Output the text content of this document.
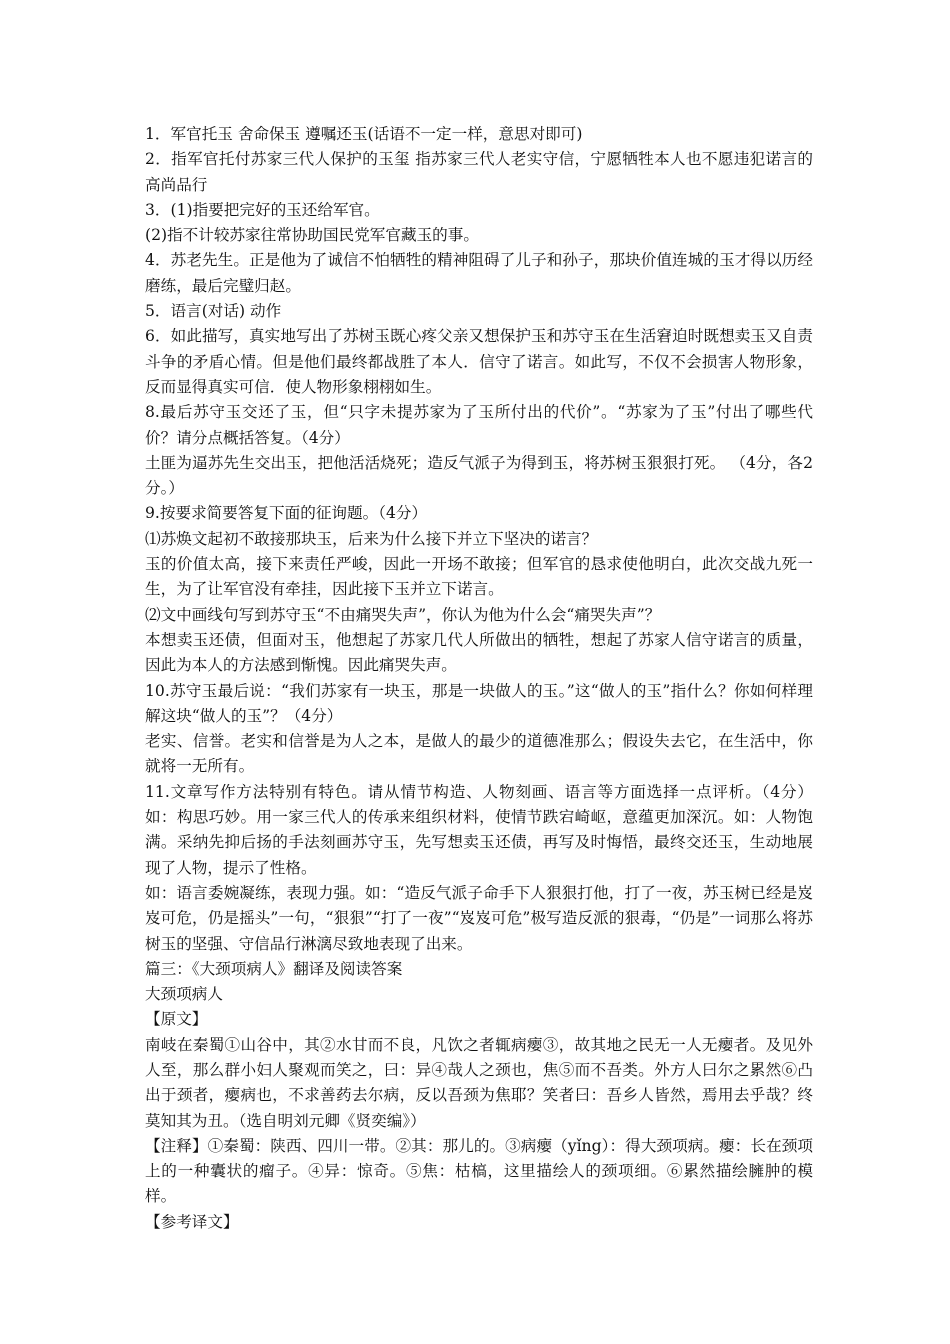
1．军官托玉 舍命保玉 遵嘱还玉(话语不一定一样，意思对即可)

2．指军官托付苏家三代人保护的玉玺 指苏家三代人老实守信，宁愿牺牲本人也不愿违犯诺言的高尚品行

3．(1)指要把完好的玉还给军官。

(2)指不计较苏家往常协助国民党军官藏玉的事。

4．苏老先生。正是他为了诚信不怕牺牲的精神阻碍了儿子和孙子，那块价值连城的玉才得以历经磨练，最后完璧归赵。

5．语言(对话) 动作

6．如此描写，真实地写出了苏树玉既心疼父亲又想保护玉和苏守玉在生活窘迫时既想卖玉又自责斗争的矛盾心情。但是他们最终都战胜了本人．信守了诺言。如此写，不仅不会损害人物形象，反而显得真实可信．使人物形象栩栩如生。

8.最后苏守玉交还了玉，但“只字未提苏家为了玉所付出的代价”。“苏家为了玉”付出了哪些代价？请分点概括答复。（4分）

土匪为逼苏先生交出玉，把他活活烧死；造反气派子为得到玉，将苏树玉狠狠打死。 （4分，各2分。）

9.按要求简要答复下面的征询题。（4分）

⑴苏焕文起初不敢接那块玉，后来为什么接下并立下坚决的诺言？

玉的价值太高，接下来责任严峻，因此一开场不敢接；但军官的恳求使他明白，此次交战九死一生，为了让军官没有牵挂，因此接下玉并立下诺言。

⑵文中画线句写到苏守玉“不由痛哭失声”，你认为他为什么会“痛哭失声”？

本想卖玉还债，但面对玉，他想起了苏家几代人所做出的牺牲，想起了苏家人信守诺言的质量，因此为本人的方法感到惭愧。因此痛哭失声。

10.苏守玉最后说：“我们苏家有一块玉，那是一块做人的玉。”这“做人的玉”指什么？你如何样理解这块“做人的玉”？（4分）

老实、信誉。老实和信誉是为人之本，是做人的最少的道德准那么；假设失去它，在生活中，你就将一无所有。

11.文章写作方法特别有特色。请从情节构造、人物刻画、语言等方面选择一点评析。（4分） 如：构思巧妙。用一家三代人的传承来组织材料，使情节跌宕崎岖，意蕴更加深沉。如：人物饱满。采纳先抑后扬的手法刻画苏守玉，先写想卖玉还债，再写及时悔悟，最终交还玉，生动地展现了人物，提示了性格。

如：语言委婉凝练，表现力强。如：“造反气派子命手下人狠狠打他，打了一夜，苏玉树已经是岌岌可危，仍是摇头”一句，“狠狠”“打了一夜”“岌岌可危”极写造反派的狠毒，“仍是”一词那么将苏树玉的坚强、守信品行淋漓尽致地表现了出来。

篇三：《大颈项病人》翻译及阅读答案

大颈项病人

【原文】

南岐在秦蜀①山谷中，其②水甘而不良，凡饮之者辄病瘿③，故其地之民无一人无瘿者。及见外人至，那么群小妇人聚观而笑之，曰：异④哉人之颈也，焦⑤而不吾类。外方人曰尔之累然⑥凸出于颈者，瘿病也，不求善药去尔病，反以吾颈为焦耶？笑者曰：吾乡人皆然，焉用去乎哉？终莫知其为丑。（选自明刘元卿《贤奕编》）

【注释】①秦蜀：陕西、四川一带。②其：那儿的。③病瘿（yǐng）：得大颈项病。瘿：长在颈项上的一种囊状的瘤子。④异：惊奇。⑤焦：枯槁，这里描绘人的颈项细。⑥累然描绘臃肿的模样。

【参考译文】
